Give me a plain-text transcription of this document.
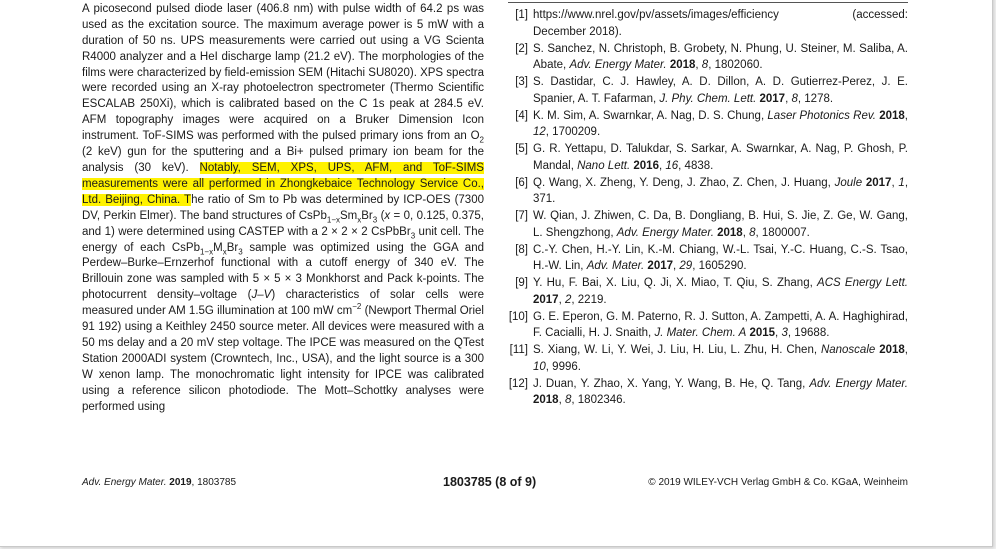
A picosecond pulsed diode laser (406.8 nm) with pulse width of 64.2 ps was used as the excitation source. The maximum average power is 5 mW with a duration of 50 ns. UPS measurements were carried out using a VG Scienta R4000 analyzer and a HeI discharge lamp (21.2 eV). The morphologies of the films were characterized by field-emission SEM (Hitachi SU8020). XPS spectra were recorded using an X-ray photoelectron spectrometer (Thermo Scientific ESCALAB 250Xi), which is calibrated based on the C 1s peak at 284.5 eV. AFM topography images were acquired on a Bruker Dimension Icon instrument. ToF-SIMS was performed with the pulsed primary ions from an $O_2$ (2 keV) gun for the sputtering and a Bi+ pulsed primary ion beam for the analysis (30 keV). Notably, SEM, XPS, UPS, AFM, and ToF-SIMS measurements were all performed in Zhongkebaice Technology Service Co., Ltd. Beijing, China. The ratio of Sm to Pb was determined by ICP-OES (7300 DV, Perkin Elmer). The band structures of $CsPb_{1-x}Sm_xBr_3$ (x = 0, 0.125, 0.375, and 1) were determined using CASTEP with a 2 × 2 × 2 CsPbBr$_3$ unit cell. The energy of each $CsPb_{1-x}M_xBr_3$ sample was optimized using the GGA and Perdew–Burke–Ernzerhof functional with a cutoff energy of 340 eV. The Brillouin zone was sampled with 5 × 5 × 3 Monkhorst and Pack k-points. The photocurrent density–voltage (J–V) characteristics of solar cells were measured under AM 1.5G illumination at 100 mW $cm^{-2}$ (Newport Thermal Oriel 91 192) using a Keithley 2450 source meter. All devices were measured with a 50 ms delay and a 20 mV step voltage. The IPCE was measured on the QTest Station 2000ADI system (Crowntech, Inc., USA), and the light source is a 300 W xenon lamp. The monochromatic light intensity for IPCE was calibrated using a reference silicon photodiode. The Mott–Schottky analyses were performed using

[1] https://www.nrel.gov/pv/assets/images/efficiency	(accessed:
December 2018).
[2] S. Sanchez, N. Christoph, B. Grobety, N. Phung, U. Steiner, M. Saliba, A. Abate, Adv. Energy Mater. 2018, 8, 1802060.
[3] S. Dastidar, C. J. Hawley, A. D. Dillon, A. D. Gutierrez-Perez, J. E. Spanier, A. T. Fafarman, J. Phy. Chem. Lett. 2017, 8, 1278.
[4] K. M. Sim, A. Swarnkar, A. Nag, D. S. Chung, Laser Photonics Rev. 2018, 12, 1700209.
[5] G. R. Yettapu, D. Talukdar, S. Sarkar, A. Swarnkar, A. Nag, P. Ghosh, P. Mandal, Nano Lett. 2016, 16, 4838.
[6] Q. Wang, X. Zheng, Y. Deng, J. Zhao, Z. Chen, J. Huang, Joule 2017, 1, 371.
[7] W. Qian, J. Zhiwen, C. Da, B. Dongliang, B. Hui, S. Jie, Z. Ge, W. Gang, L. Shengzhong, Adv. Energy Mater. 2018, 8, 1800007.
[8] C.-Y. Chen, H.-Y. Lin, K.-M. Chiang, W.-L. Tsai, Y.-C. Huang, C.-S. Tsao, H.-W. Lin, Adv. Mater. 2017, 29, 1605290.
[9] Y. Hu, F. Bai, X. Liu, Q. Ji, X. Miao, T. Qiu, S. Zhang, ACS Energy Lett. 2017, 2, 2219.
[10] G. E. Eperon, G. M. Paterno, R. J. Sutton, A. Zampetti, A. A. Haghighirad, F. Cacialli, H. J. Snaith, J. Mater. Chem. A 2015, 3, 19688.
[11] S. Xiang, W. Li, Y. Wei, J. Liu, H. Liu, L. Zhu, H. Chen, Nanoscale 2018, 10, 9996.
[12] J. Duan, Y. Zhao, X. Yang, Y. Wang, B. He, Q. Tang, Adv. Energy Mater. 2018, 8, 1802346.
Adv. Energy Mater. 2019, 1803785	1803785 (8 of 9)	© 2019 WILEY-VCH Verlag GmbH & Co. KGaA, Weinheim
